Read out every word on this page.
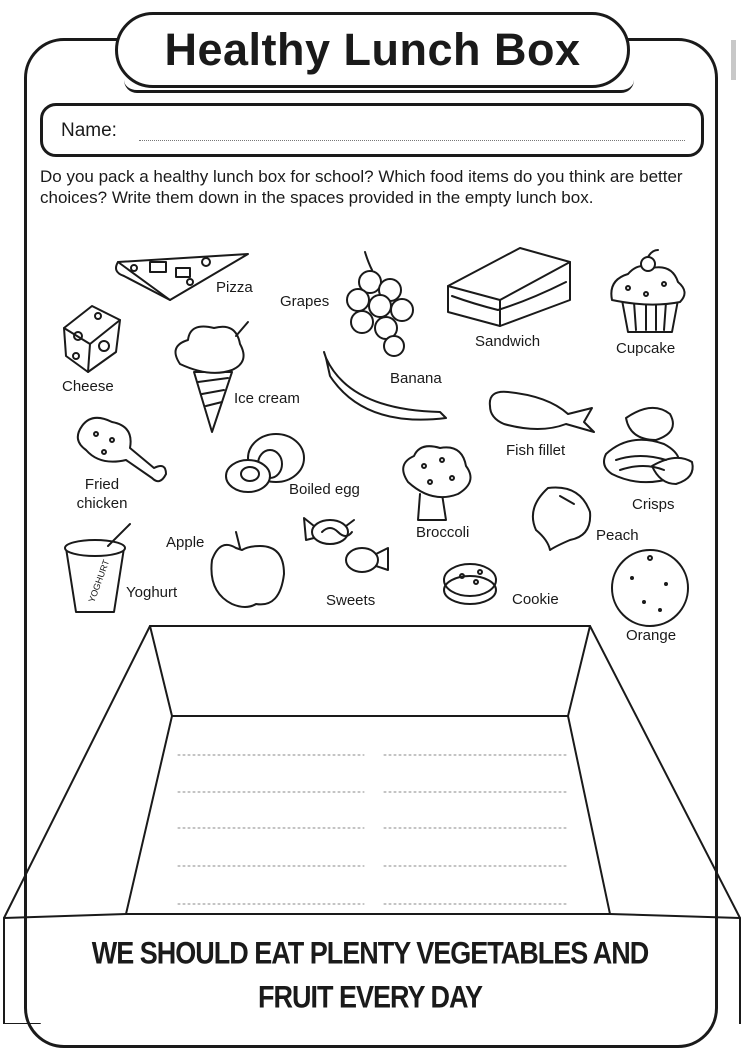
Healthy Lunch Box
Name:

Do you pack a healthy lunch box for school? Which food items do you think are better choices? Write them down in the spaces provided in the empty lunch box.

YOGHURT
Pizza
Grapes
Sandwich	Cupcake
Cheese
Ice cream
Banana
Fish fillet
Fried
chicken
Boiled egg
Broccoli
Crisps
Peach
Apple
Yoghurt	Sweets	Cookie
Orange
WE SHOULD EAT PLENTY VEGETABLES AND
FRUIT EVERY DAY
